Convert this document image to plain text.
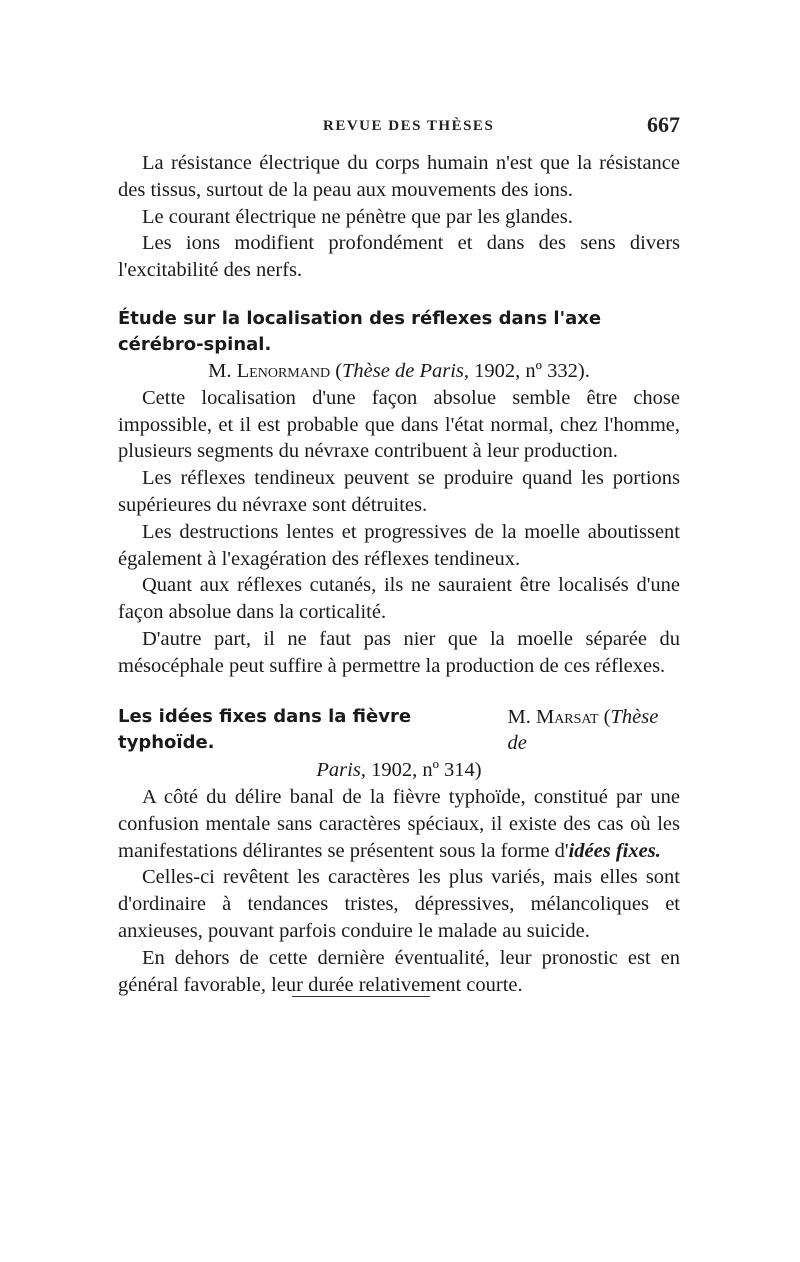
REVUE DES THÈSES	667

La résistance électrique du corps humain n'est que la résistance des tissus, surtout de la peau aux mouvements des ions.

Le courant électrique ne pénètre que par les glandes.

Les ions modifient profondément et dans des sens divers l'excitabilité des nerfs.

Étude sur la localisation des réflexes dans l'axe cérébro-spinal.
M. Lenormand (Thèse de Paris, 1902, nº 332).

Cette localisation d'une façon absolue semble être chose impossible, et il est probable que dans l'état normal, chez l'homme, plusieurs segments du névraxe contribuent à leur production.

Les réflexes tendineux peuvent se produire quand les portions supérieures du névraxe sont détruites.

Les destructions lentes et progressives de la moelle aboutissent également à l'exagération des réflexes tendineux.

Quant aux réflexes cutanés, ils ne sauraient être localisés d'une façon absolue dans la corticalité.

D'autre part, il ne faut pas nier que la moelle séparée du mésocéphale peut suffire à permettre la production de ces réflexes.

Les idées fixes dans la fièvre typhoïde.
M. Marsat (Thèse de
Paris, 1902, nº 314)

A côté du délire banal de la fièvre typhoïde, constitué par une confusion mentale sans caractères spéciaux, il existe des cas où les manifestations délirantes se présentent sous la forme d'idées fixes.

Celles-ci revêtent les caractères les plus variés, mais elles sont d'ordinaire à tendances tristes, dépressives, mélancoliques et anxieuses, pouvant parfois conduire le malade au suicide.

En dehors de cette dernière éventualité, leur pronostic est en général favorable, leur durée relativement courte.
